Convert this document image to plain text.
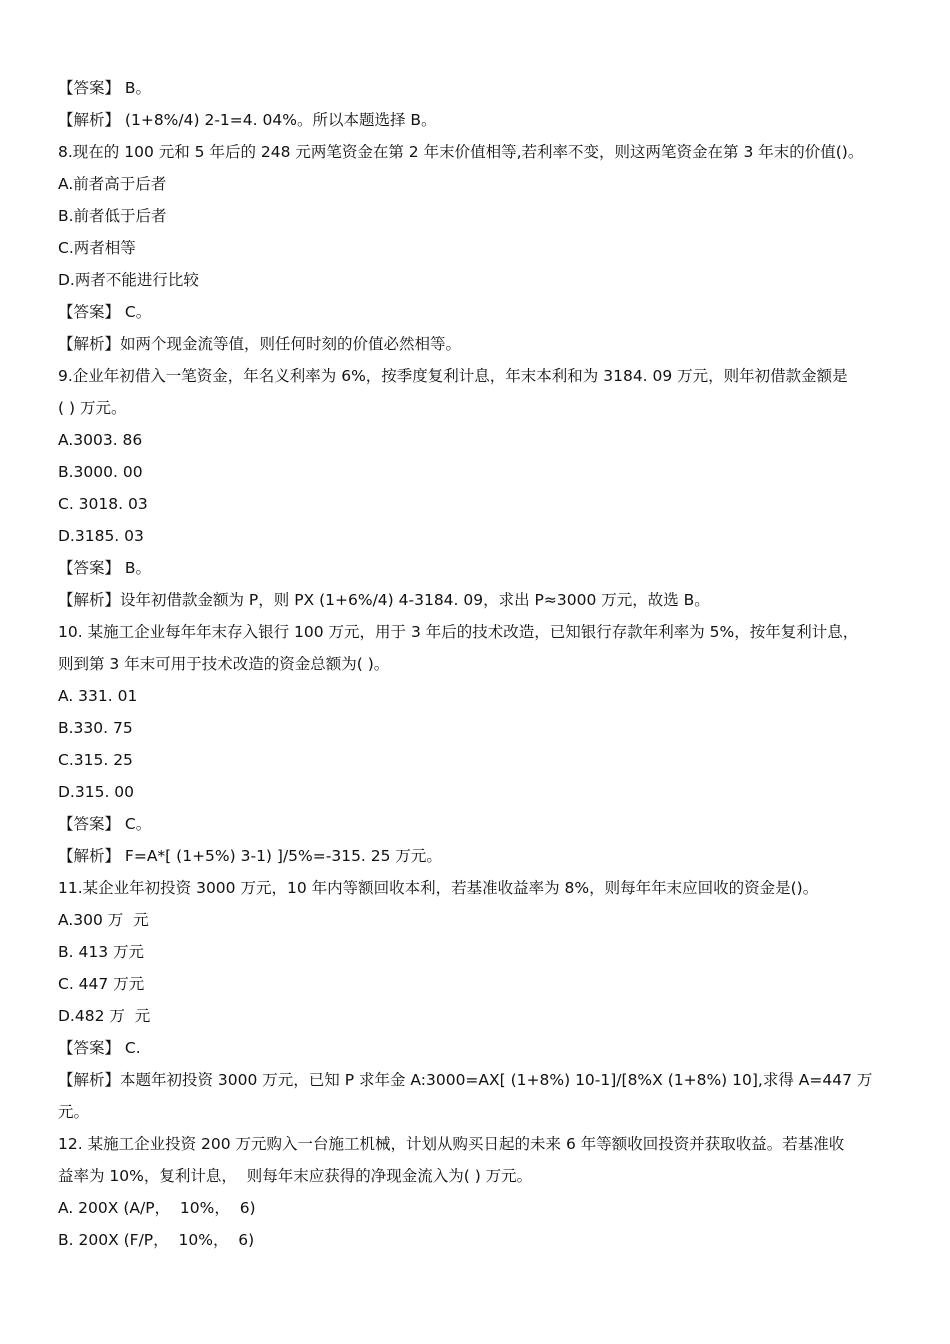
【答案】 B。
【解析】 (1+8%/4) 2-1=4. 04%。所以本题选择 B。
8.现在的 100 元和 5 年后的 248 元两笔资金在第 2 年末价值相等,若利率不变，则这两笔资金在第 3 年末的价值()。
A.前者高于后者
B.前者低于后者
C.两者相等
D.两者不能进行比较
【答案】 C。
【解析】如两个现金流等值，则任何时刻的价值必然相等。
9.企业年初借入一笔资金，年名义利率为 6%，按季度复利计息，年末本利和为 3184. 09 万元，则年初借款金额是
( ) 万元。
A.3003. 86
B.3000. 00
C. 3018. 03
D.3185. 03
【答案】 B。
【解析】设年初借款金额为 P，则 PX (1+6%/4) 4-3184. 09，求出 P≈3000 万元，故选 B。
10. 某施工企业每年年末存入银行 100 万元，用于 3 年后的技术改造，已知银行存款年利率为 5%，按年复利计息，
则到第 3 年末可用于技术改造的资金总额为( )。
A. 331. 01
B.330. 75
C.315. 25
D.315. 00
【答案】 C。
【解析】 F=A*[ (1+5%) 3-1) ]/5%=-315. 25 万元。
11.某企业年初投资 3000 万元，10 年内等额回收本利，若基准收益率为 8%，则每年年末应回收的资金是()。
A.300 万  元
B. 413 万元
C. 447 万元
D.482 万  元
【答案】 C.
【解析】本题年初投资 3000 万元，已知 P 求年金 A:3000=AX[ (1+8%) 10-1]/[8%X (1+8%) 10],求得 A=447 万
元。
12. 某施工企业投资 200 万元购入一台施工机械，计划从购买日起的未来 6 年等额收回投资并获取收益。若基准收
益率为 10%，复利计息，  则每年末应获得的净现金流入为( ) 万元。
A. 200X (A/P，  10%，  6)
B. 200X (F/P，  10%，  6)
